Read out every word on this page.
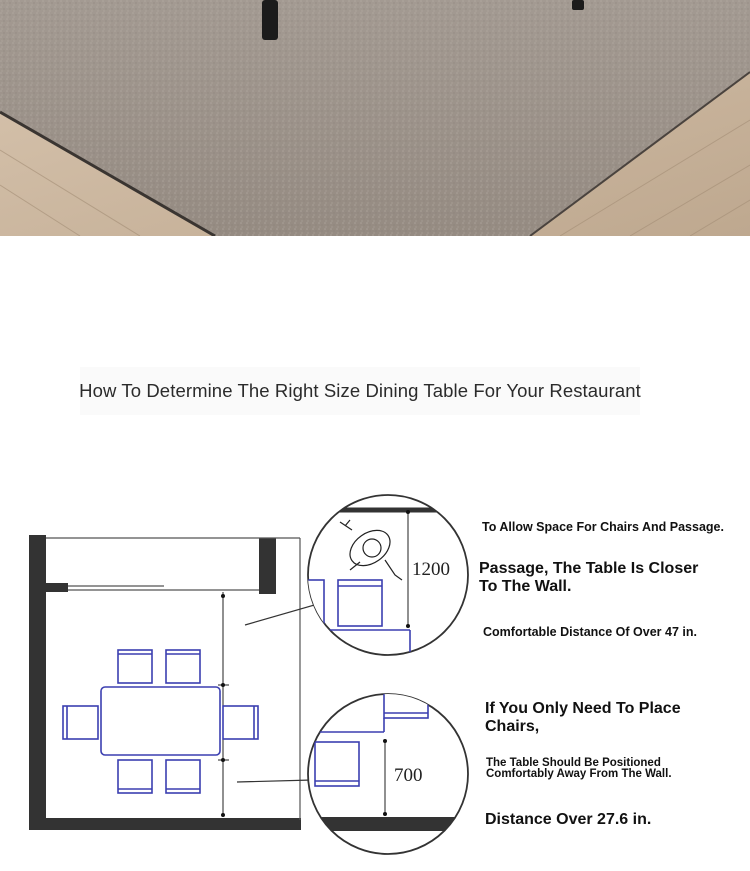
How To Determine The Right Size Dining Table For Your Restaurant
1200
700
To Allow Space For Chairs And Passage.
Passage, The Table Is Closer
To The Wall.
Comfortable Distance Of Over 47 in.
If You Only Need To Place
Chairs,
The Table Should Be Positioned
Comfortably Away From The Wall.
Distance Over 27.6 in.
